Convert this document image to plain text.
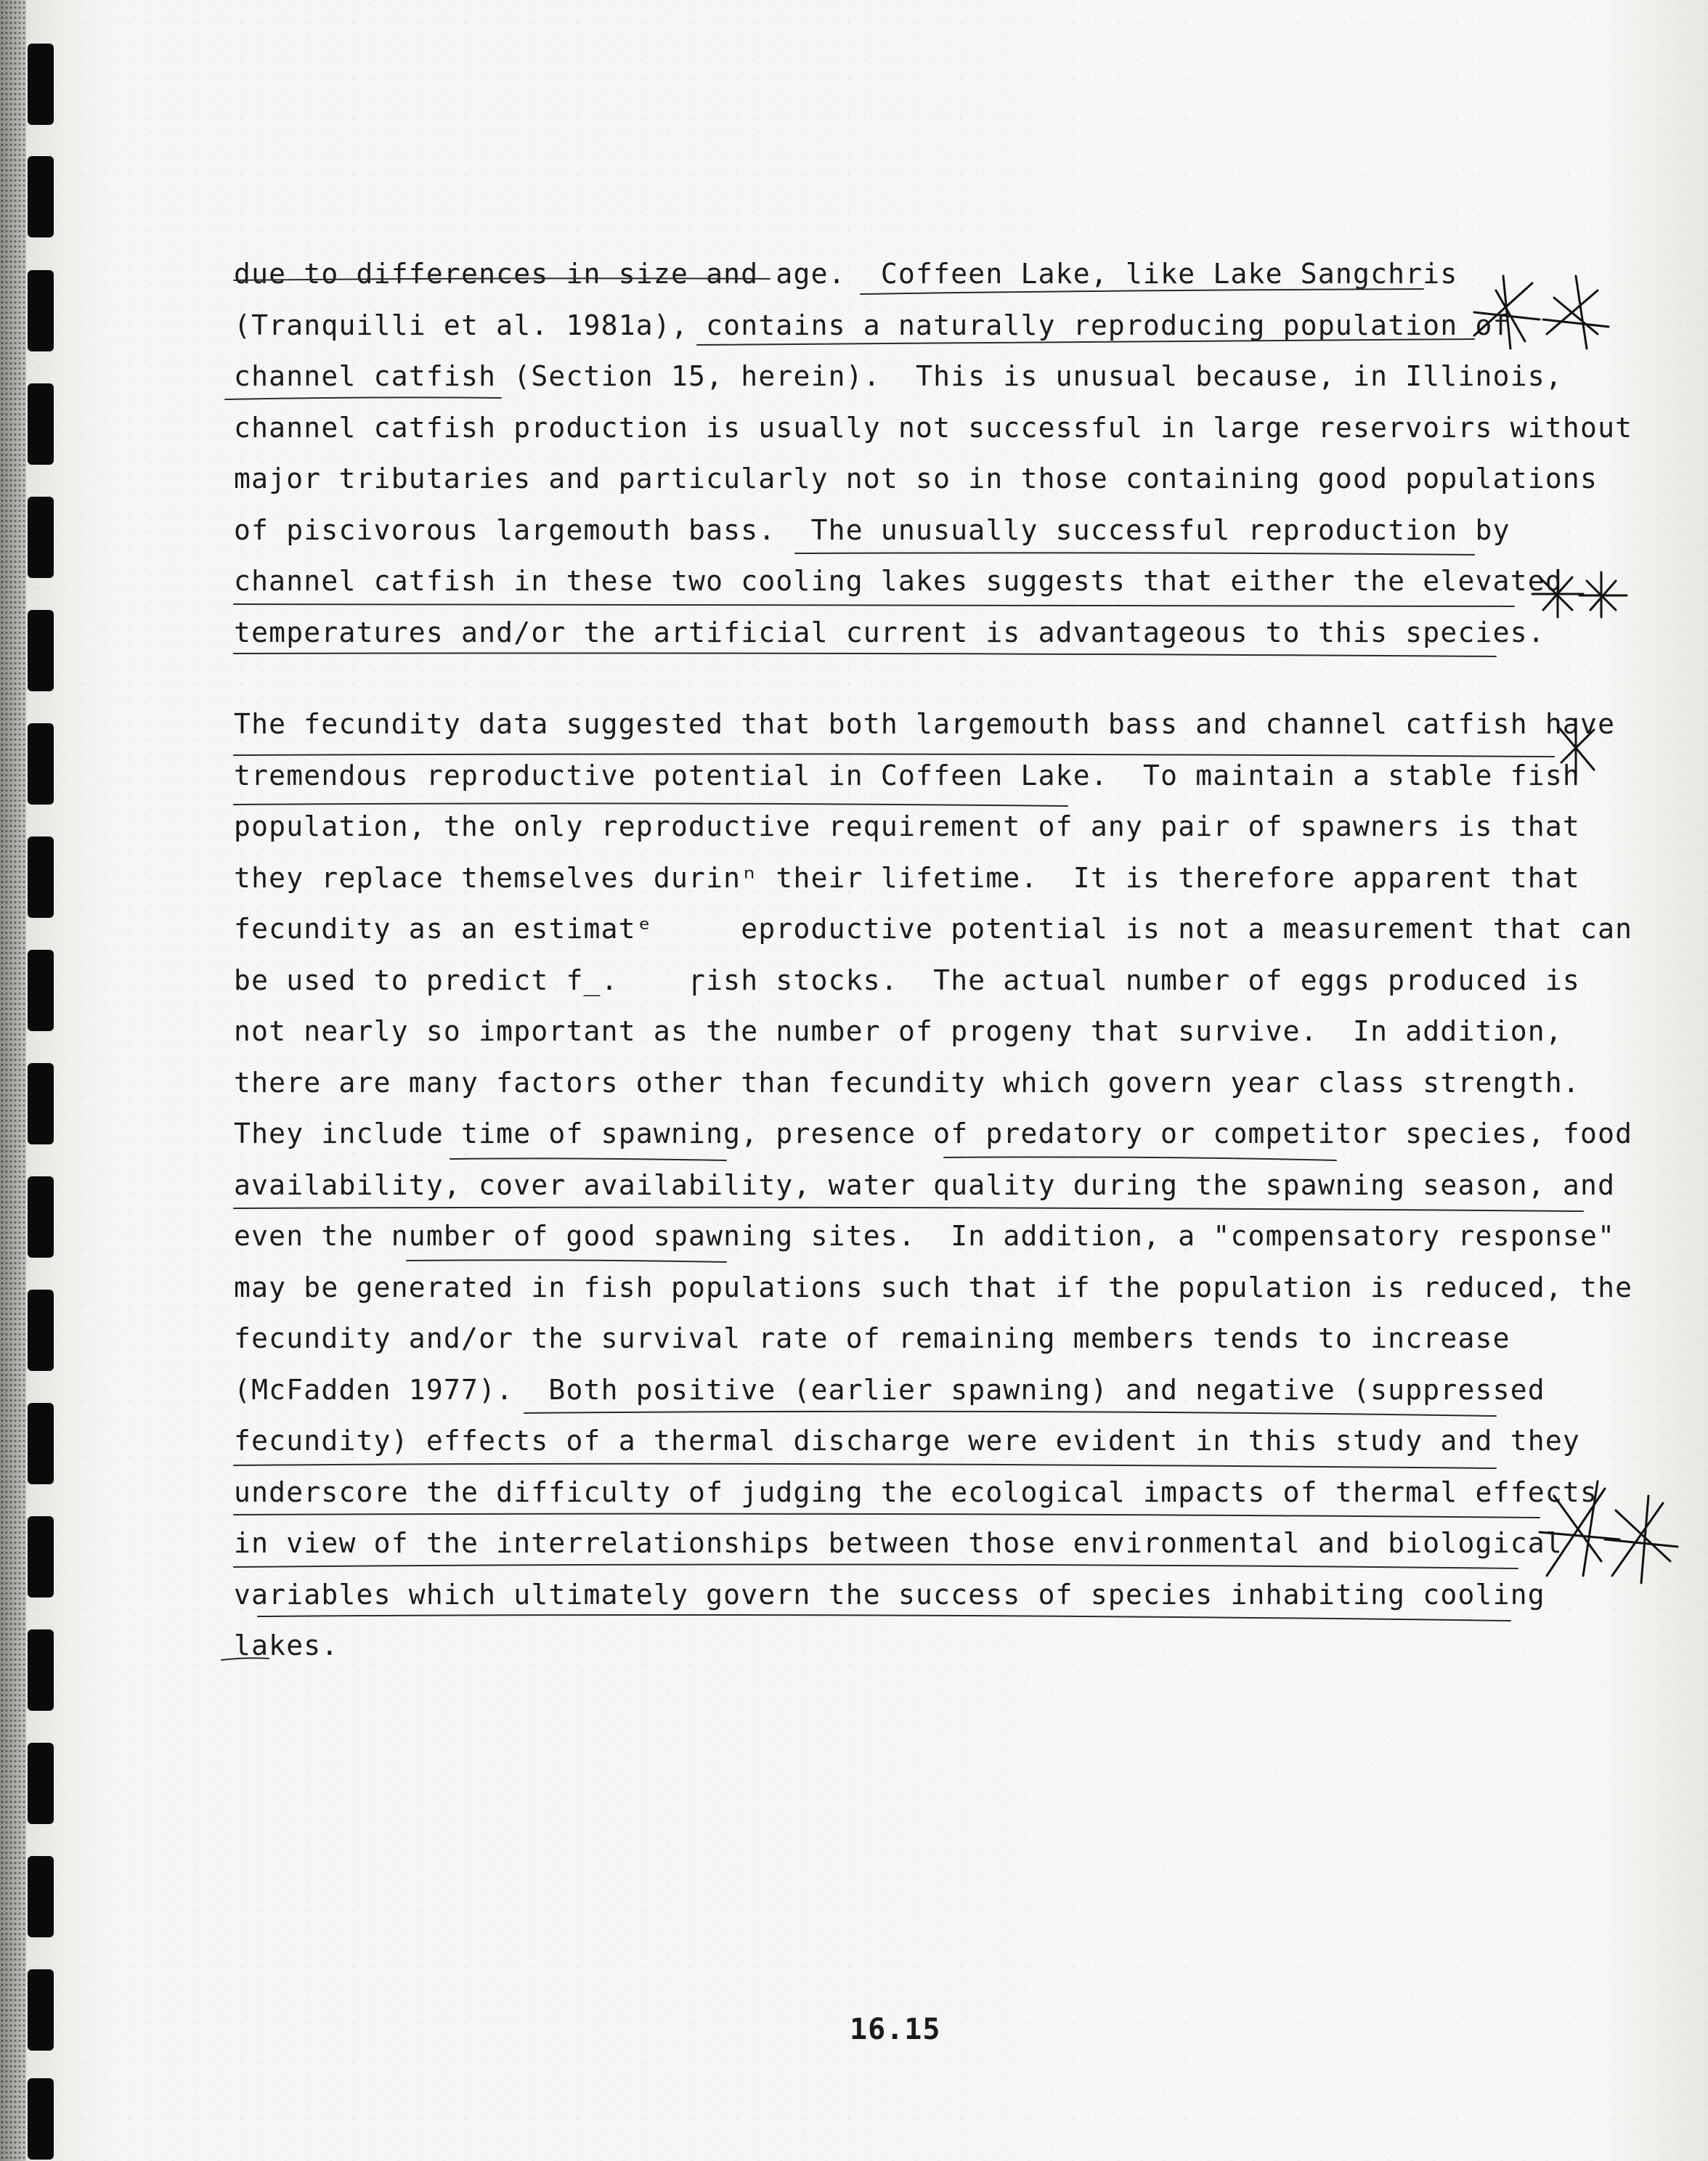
due to differences in size and age.  Coffeen Lake, like Lake Sangchris
(Tranquilli et al. 1981a), contains a naturally reproducing population of
channel catfish (Section 15, herein).  This is unusual because, in Illinois,
channel catfish production is usually not successful in large reservoirs without
major tributaries and particularly not so in those containing good populations
of piscivorous largemouth bass.  The unusually successful reproduction by
channel catfish in these two cooling lakes suggests that either the elevated
temperatures and/or the artificial current is advantageous to this species.
The fecundity data suggested that both largemouth bass and channel catfish have
tremendous reproductive potential in Coffeen Lake.  To maintain a stable fish
population, the only reproductive requirement of any pair of spawners is that
they replace themselves durinⁿ their lifetime.  It is therefore apparent that
fecundity as an estimatᵉ     eproductive potential is not a measurement that can
be used to predict f_.    ɼish stocks.  The actual number of eggs produced is
not nearly so important as the number of progeny that survive.  In addition,
there are many factors other than fecundity which govern year class strength.
They include time of spawning, presence of predatory or competitor species, food
availability, cover availability, water quality during the spawning season, and
even the number of good spawning sites.  In addition, a "compensatory response"
may be generated in fish populations such that if the population is reduced, the
fecundity and/or the survival rate of remaining members tends to increase
(McFadden 1977).  Both positive (earlier spawning) and negative (suppressed
fecundity) effects of a thermal discharge were evident in this study and they
underscore the difficulty of judging the ecological impacts of thermal effects
in view of the interrelationships between those environmental and biological
variables which ultimately govern the success of species inhabiting cooling
lakes.
16.15
